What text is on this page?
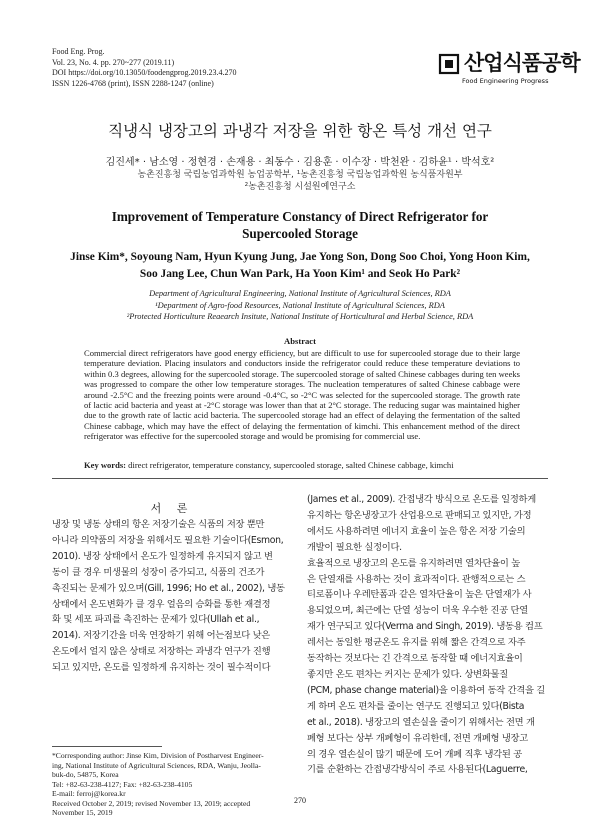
Food Eng. Prog.
Vol. 23, No. 4. pp. 270~277 (2019.11)
DOI https://doi.org/10.13050/foodengprog.2019.23.4.270
ISSN 1226-4768 (print), ISSN 2288-1247 (online)
산업식품공학
Food Engineering Progress
직냉식 냉장고의 과냉각 저장을 위한 항온 특성 개선 연구
김진세* · 남소영 · 정현경 · 손재용 · 최동수 · 김용훈 · 이수장 · 박천완 · 김하윤¹ · 박석호²
농촌진흥청 국립농업과학원 농업공학부, ¹농촌진흥청 국립농업과학원 농식품자원부
²농촌진흥청 시설원예연구소
Improvement of Temperature Constancy of Direct Refrigerator for
Supercooled Storage
Jinse Kim*, Soyoung Nam, Hyun Kyung Jung, Jae Yong Son, Dong Soo Choi, Yong Hoon Kim,
Soo Jang Lee, Chun Wan Park, Ha Yoon Kim¹ and Seok Ho Park²
Department of Agricultural Engineering, National Institute of Agricultural Sciences, RDA
¹Department of Agro-food Resources, National Institute of Agricultural Sciences, RDA
²Protected Horticulture Reaearch Insitute, National Institute of Horticultural and Herbal Science, RDA
Abstract
Commercial direct refrigerators have good energy efficiency, but are difficult to use for supercooled storage due to their large temperature deviation. Placing insulators and conductors inside the refrigerator could reduce these temperature deviations to within 0.3 degrees, allowing for the supercooled storage. The supercooled storage of salted Chinese cabbages during ten weeks was progressed to compare the other low temperature storages. The nucleation temperatures of salted Chinese cabbage were around -2.5°C and the freezing points were around -0.4°C, so -2°C was selected for the supercooled storage. The growth rate of lactic acid bacteria and yeast at -2°C storage was lower than that at 2°C storage. The reducing sugar was maintained higher due to the growth rate of lactic acid bacteria. The supercooled storage had an effect of delaying the fermentation of the salted Chinese cabbage, which may have the effect of delaying the fermentation of kimchi. This enhancement method of the direct refrigerator was effective for the supercooled storage and would be promising for commercial use.
Key words: direct refrigerator, temperature constancy, supercooled storage, salted Chinese cabbage, kimchi
서 론
냉장 및 냉동 상태의 항온 저장기술은 식품의 저장 뿐만
아니라 의약품의 저장을 위해서도 필요한 기술이다(Esmon,
2010). 냉장 상태에서 온도가 일정하게 유지되지 않고 변
동이 클 경우 미생물의 성장이 증가되고, 식품의 건조가
촉진되는 문제가 있으며(Gill, 1996; Ho et al., 2002), 냉동
상태에서 온도변화가 클 경우 얼음의 승화를 통한 재결정
화 및 세포 파괴를 촉진하는 문제가 있다(Ullah et al.,
2014). 저장기간을 더욱 연장하기 위해 어는점보다 낮은
온도에서 얼지 않은 상태로 저장하는 과냉각 연구가 진행
되고 있지만, 온도를 일정하게 유지하는 것이 필수적이다
(James et al., 2009). 간접냉각 방식으로 온도를 일정하게
유지하는 항온냉장고가 산업용으로 판매되고 있지만, 가정
에서도 사용하려면 에너지 효율이 높은 항온 저장 기술의
개발이 필요한 실정이다.
효율적으로 냉장고의 온도를 유지하려면 열차단율이 높
은 단열재를 사용하는 것이 효과적이다. 관행적으로는 스
티로폼이나 우레탄폼과 같은 열차단율이 높은 단열재가 사
용되었으며, 최근에는 단열 성능이 더욱 우수한 진공 단열
재가 연구되고 있다(Verma and Singh, 2019). 냉동용 컴프
레서는 동일한 평균온도 유지를 위해 짧은 간격으로 자주
동작하는 것보다는 긴 간격으로 동작할 때 에너지효율이
좋지만 온도 편차는 커지는 문제가 있다. 상변화물질
(PCM, phase change material)을 이용하여 동작 간격을 길
게 하며 온도 편차를 줄이는 연구도 진행되고 있다(Bista
et al., 2018). 냉장고의 열손실을 줄이기 위해서는 전면 개
폐형 보다는 상부 개폐형이 유리한데, 전면 개폐형 냉장고
의 경우 열손실이 많기 때문에 도어 개폐 직후 냉각된 공
기를 순환하는 간접냉각방식이 주로 사용된다(Laguerre,
*Corresponding author: Jinse Kim, Division of Postharvest Engineer-
ing, National Institute of Agricultural Sciences, RDA, Wanju, Jeolla-
buk-do, 54875, Korea
Tel: +82-63-238-4127; Fax: +82-63-238-4105
E-mail: ferroj@korea.kr
Received October 2, 2019; revised November 13, 2019; accepted
November 15, 2019
270
